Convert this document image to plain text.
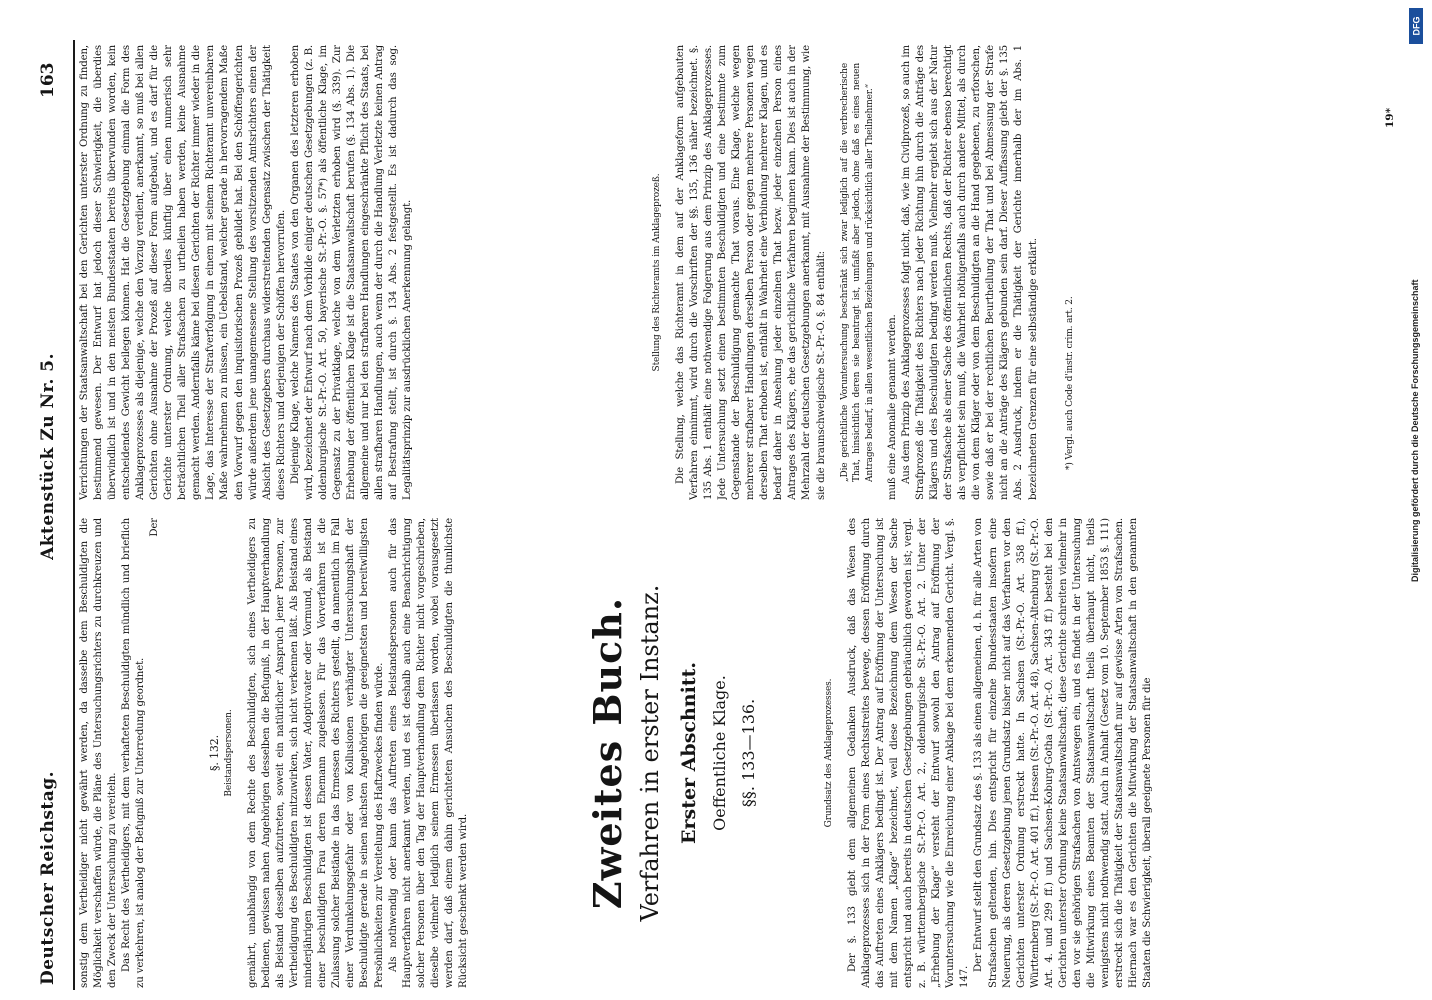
Deutscher Reichstag.
Aktenstück Zu Nr. 5.
163

sonstig dem Vertheidiger nicht gewährt werden, da dasselbe dem Beschuldigten die Möglichkeit verschaffen würde, die Pläne des Untersuchungsrichters zu durchkreuzen und den Zweck der Untersuchung zu vereiteln. Das Recht des Vertheidigers, mit dem verhafteten Beschuldigten mündlich und brieflich zu verkehren, ist analog der Befugniß zur Unterredung geordnet.

Der

§. 132. Beistandspersonen. gemährt, unabhängig von dem Rechte des Beschuldigten, sich eines Vertheidigers zu bedienen, gewissen nahen Angehörigen desselben die Befugniß, in der Hauptverhandlung als Beistand desselben aufzutreten, soweit ein natürlicher Anspruch jener Personen, zur Vertheidigung des Beschuldigten mitzuwirken, sich nicht verkennen läßt. Als Beistand eines minderjährigen Beschuldigten ist dessen Vater, Adoptivvater oder Vormund, als Beistand einer beschuldigten Frau deren Ehemann zugelassen. Für das Vorverfahren ist die Zulassung solcher Beistände in das Ermessen des Richters gestellt, da namentlich im Fall einer Verdunkelungsgefahr oder von Kollusionen verhängter Untersuchungshaft der Beschuldigte gerade in seinen nächsten Angehörigen die geeignetsten und bereitwilligsten Persönlichkeiten zur Vereitelung des Haftzweckes finden würde. Als nothwendig oder kann das Auftreten eines Beistandspersonen auch für das Hauptverfahren nicht anerkannt werden, und es ist deshalb auch eine Benachrichtigung solcher Personen über den Tag der Hauptverhandlung dem Richter nicht vorgeschrieben, dieselbe vielmehr lediglich seinem Ermessen überlassen worden, wobei vorausgesetzt werden darf, daß einem dahin gerichteten Ansuchen des Beschuldigten die thunlichste Rücksicht geschenkt werden wird.	Zweites Buch. Verfahren in erster Instanz. Erster Abschnitt. Oeffentliche Klage. §§. 133—136.	Grundsatz des Anklageprozesses. Der §. 133 giebt dem allgemeinen Gedanken Ausdruck, daß das Wesen des Anklageprozesses sich in der Form eines Rechtsstreites bewege, dessen Eröffnung durch das Auftreten eines Anklägers bedingt ist. Der Antrag auf Eröffnung der Untersuchung ist mit dem Namen „Klage“ bezeichnet, weil diese Bezeichnung dem Wesen der Sache entspricht und auch bereits in deutschen Gesetzgebungen gebräuchlich geworden ist; vergl. z. B. württembergische St.-Pr.-O. Art. 2., oldenburgische St.-Pr.-O. Art. 2. Unter der „Erhebung der Klage“ versteht der Entwurf sowohl den Antrag auf Eröffnung der Voruntersuchung wie die Einreichung einer Anklage bei dem erkennenden Gericht. Vergl. §. 147.

Der Entwurf stellt den Grundsatz des §. 133 als einen allgemeinen, d. h. für alle Arten von Strafsachen geltenden, hin. Dies entspricht für einzelne Bundesstaaten insofern eine Neuerung, als deren Gesetzgebung jenen Grundsatz bisher nicht auf das Verfahren vor den Gerichten unterster Ordnung erstreckt hatte. In Sachsen (St.-Pr.-O. Art. 358 ff.), Württemberg (St.-Pr.-O. Art. 401 ff.), Hessen (St.-Pr.-O. Art. 48), Sachsen-Altenburg (St.-Pr.-O. Art. 4. und 299 ff.) und Sachsen-Koburg-Gotha (St.-Pr.-O. Art. 343 ff.) besteht bei den Gerichten unterster Ordnung keine Staatsanwaltschaft; diese Gerichte schreiten vielmehr in den vor sie gehörigen Strafsachen von Amtswegen ein, und es findet in der Untersuchung die Mitwirkung eines Beamten der Staatsanwaltschaft theils überhaupt nicht, theils wenigstens nicht nothwendig statt. Auch in Anhalt (Gesetz vom 10. September 1853 §. 111) erstreckt sich die Thätigkeit der Staatsanwaltschaft nur auf gewisse Arten von Strafsachen. Hiernach war es den Gerichten die Mitwirkung der Staatsanwaltschaft in den genannten Staaten die Schwierigkeit, überall geeignete Personen für die

Verrichtungen der Staatsanwaltschaft bei den Gerichten unterster Ordnung zu finden, bestimmend gewesen. Der Entwurf hat jedoch dieser Schwierigkeit, die überdies überwindlich ist und in den meisten Bundesstaaten bereits überwunden worden, kein entscheidendes Gewicht beilegen können. Hat die Gesetzgebung einmal die Form des Anklageprozesses als diejenige, welche den Vorzug verdient, anerkannt, so muß bei allen Gerichten ohne Ausnahme der Prozeß auf dieser Form aufgebaut, und es darf für die Gerichte unterster Ordnung, welche überdies künftig über einen numerisch sehr beträchtlichen Theil aller Strafsachen zu urtheilen haben werden, keine Ausnahme gemacht werden. Andernfalls käme bei diesen Gerichten der Richter immer wieder in die Lage, das Interesse der Strafverfolgung in einem mit seinem Richteramt unvereinbaren Maße wahrnehmen zu müssen, ein Uebelstand, welcher gerade in hervorragendem Maße den Vorwurf gegen den inquisitorischen Prozeß gebildet hat. Bei den Schöffengerichten würde außerdem jene unangemessene Stellung des vorsitzenden Amtsrichters einen der Absicht des Gesetzgebers durchaus widerstreitenden Gegensatz zwischen der Thätigkeit dieses Richters und derjenigen der Schöffen hervorrufen. Diejenige Klage, welche Namens des Staates von den Organen des letzteren erhoben wird, bezeichnet der Entwurf nach dem Vorbilde einiger deutschen Gesetzgebungen (z. B. oldenburgische St.-Pr.-O. Art. 50, bayerische St.-Pr.-O. §. 57*) als öffentliche Klage, im Gegensatz zu der Privatklage, welche von dem Verletzten erhoben wird (§. 339). Zur Erhebung der öffentlichen Klage ist die Staatsanwaltschaft berufen (§. 134 Abs. 1). Die allgemeine und nur bei den strafbaren Handlungen eingeschränkte Pflicht des Staats, bei allen strafbaren Handlungen, auch wenn der durch die Handlung Verletzte keinen Antrag auf Bestrafung stellt, ist durch §. 134 Abs. 2 festgestellt. Es ist dadurch das sog. Legalitätsprinzip zur ausdrücklichen Anerkennung gelangt.	Stellung des Richteramts im Anklageprozeß. Die Stellung, welche das Richteramt in dem auf der Anklageform aufgebauten Verfahren einnimmt, wird durch die Vorschriften der §§. 135, 136 näher bezeichnet. §. 135 Abs. 1 enthält eine nothwendige Folgerung aus dem Prinzip des Anklageprozesses. Jede Untersuchung setzt einen bestimmten Beschuldigten und eine bestimmte zum Gegenstande der Beschuldigung gemachte That voraus. Eine Klage, welche wegen mehrerer strafbarer Handlungen derselben Person oder gegen mehrere Personen wegen derselben That erhoben ist, enthält in Wahrheit eine Verbindung mehrerer Klagen, und es bedarf daher in Ansehung jeder einzelnen That bezw. jeder einzelnen Person eines Antrages des Klägers, ehe das gerichtliche Verfahren beginnen kann. Dies ist auch in der Mehrzahl der deutschen Gesetzgebungen anerkannt, mit Ausnahme der Bestimmung, wie sie die braunschweigische St.-Pr.-O. §. 84 enthält: „Die gerichtliche Voruntersuchung beschränkt sich zwar lediglich auf die verbrecherische That, hinsichtlich deren sie beantragt ist, umfaßt aber jedoch, ohne daß es eines neuen Antrages bedarf, in allen wesentlichen Beziehungen und rücksichtlich aller Theilnehmer.“ muß eine Anomalie genannt werden. Aus dem Prinzip des Anklageprozesses folgt nicht, daß, wie im Civilprozeß, so auch im Strafprozeß die Thätigkeit des Richters nach jeder Richtung hin durch die Anträge des Klägers und des Beschuldigten bedingt werden muß. Vielmehr ergiebt sich aus der Natur der Strafsache als einer Sache des öffentlichen Rechts, daß der Richter ebenso berechtigt als verpflichtet sein muß, die Wahrheit nöthigenfalls auch durch andere Mittel, als durch die von dem Kläger oder von dem Beschuldigten an die Hand gegebenen, zu erforschen, sowie daß er bei der rechtlichen Beurtheilung der That und bei Abmessung der Strafe nicht an die Anträge des Klägers gebunden sein darf. Dieser Auffassung giebt der §. 135 Abs. 2 Ausdruck, indem er die Thätigkeit der Gerichte innerhalb der im Abs. 1 bezeichneten Grenzen für eine selbständige erklärt.	*) Vergl. auch Code d'instr. crim. art. 2.

19*
Digitalisierung gefördert durch die Deutsche Forschungsgemeinschaft
DFG
